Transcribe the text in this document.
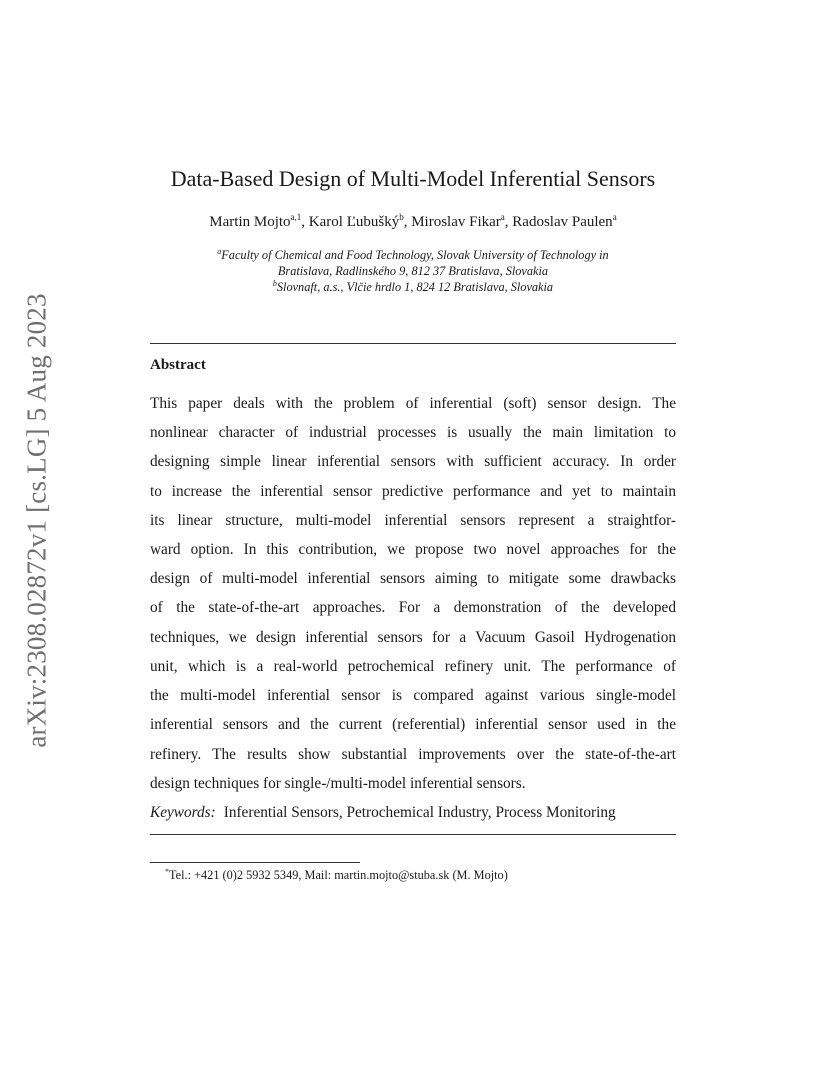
arXiv:2308.02872v1 [cs.LG] 5 Aug 2023
Data-Based Design of Multi-Model Inferential Sensors
Martin Mojto$^{a,1}$, Karol Ľubušký$^b$, Miroslav Fikar$^a$, Radoslav Paulen$^a$
$^a$Faculty of Chemical and Food Technology, Slovak University of Technology in
Bratislava, Radlinského 9, 812 37 Bratislava, Slovakia
$^b$Slovnaft, a.s., Vlčie hrdlo 1, 824 12 Bratislava, Slovakia
Abstract
This paper deals with the problem of inferential (soft) sensor design. The
nonlinear character of industrial processes is usually the main limitation to
designing simple linear inferential sensors with sufficient accuracy. In order
to increase the inferential sensor predictive performance and yet to maintain
its linear structure, multi-model inferential sensors represent a straightfor-
ward option. In this contribution, we propose two novel approaches for the
design of multi-model inferential sensors aiming to mitigate some drawbacks
of the state-of-the-art approaches. For a demonstration of the developed
techniques, we design inferential sensors for a Vacuum Gasoil Hydrogenation
unit, which is a real-world petrochemical refinery unit. The performance of
the multi-model inferential sensor is compared against various single-model
inferential sensors and the current (referential) inferential sensor used in the
refinery. The results show substantial improvements over the state-of-the-art
design techniques for single-/multi-model inferential sensors.
Keywords: Inferential Sensors, Petrochemical Industry, Process Monitoring
*Tel.: +421 (0)2 5932 5349, Mail: martin.mojto@stuba.sk (M. Mojto)
